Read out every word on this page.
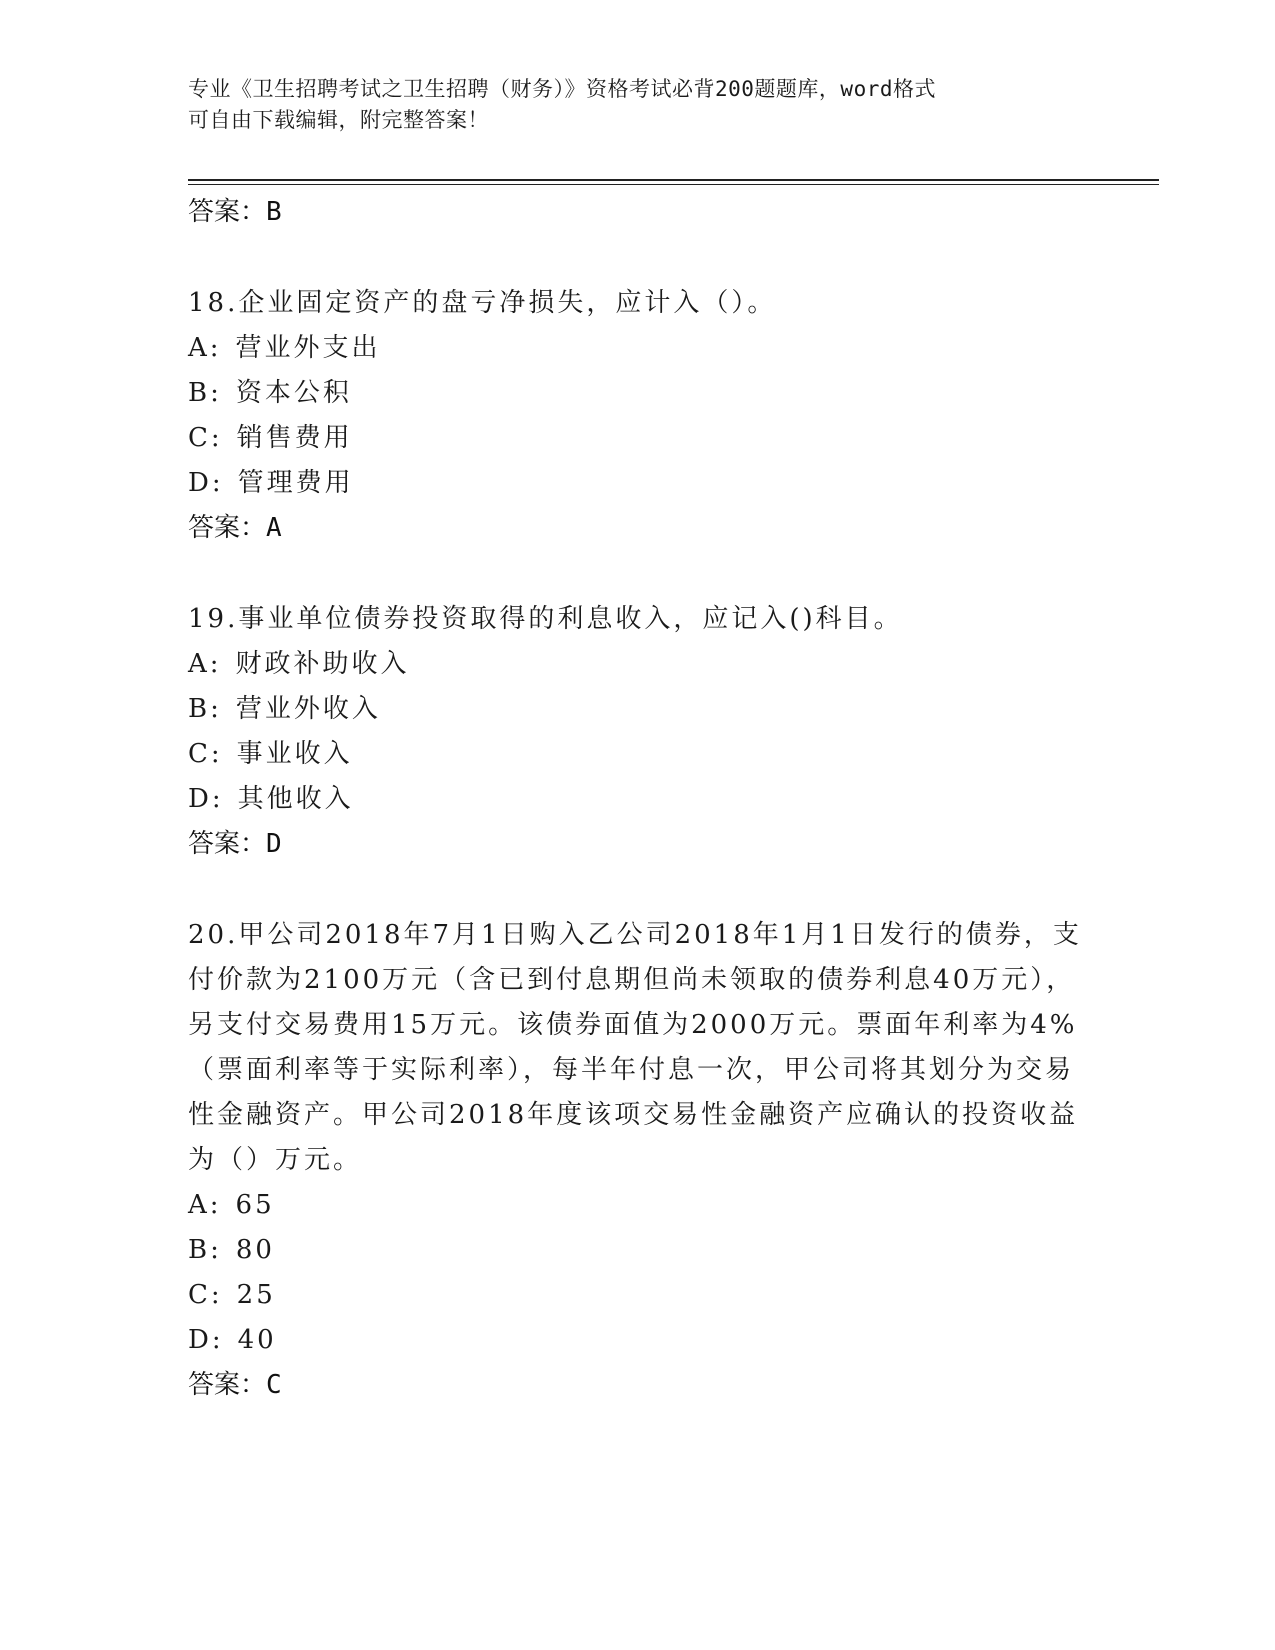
专业《卫生招聘考试之卫生招聘（财务）》资格考试必背200题题库，word格式
可自由下载编辑，附完整答案！
答案：B
18.企业固定资产的盘亏净损失，应计入（）。
A: 营业外支出
B: 资本公积
C: 销售费用
D: 管理费用
答案：A
19.事业单位债券投资取得的利息收入，应记入()科目。
A: 财政补助收入
B: 营业外收入
C: 事业收入
D: 其他收入
答案：D
20.甲公司2018年7月1日购入乙公司2018年1月1日发行的债券，支付价款为2100万元（含已到付息期但尚未领取的债券利息40万元），另支付交易费用15万元。该债券面值为2000万元。票面年利率为4%（票面利率等于实际利率），每半年付息一次，甲公司将其划分为交易性金融资产。甲公司2018年度该项交易性金融资产应确认的投资收益为（）万元。
A: 65
B: 80
C: 25
D: 40
答案：C
